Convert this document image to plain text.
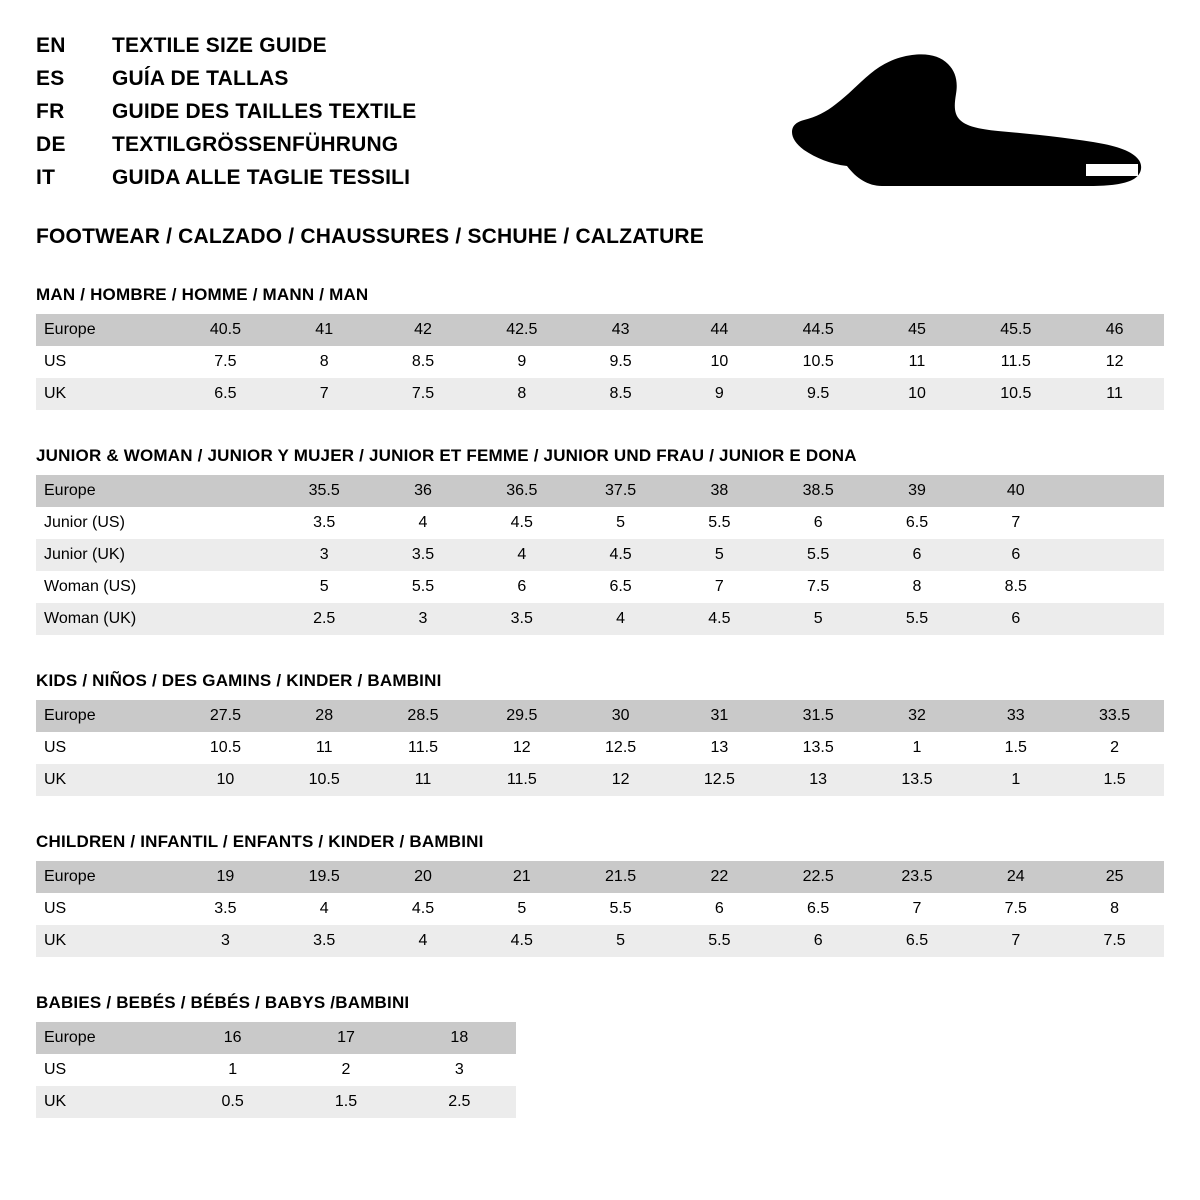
EN	TEXTILE SIZE GUIDE
ES	GUÍA DE TALLAS
FR	GUIDE DES TAILLES TEXTILE
DE	TEXTILGRÖSSENFÜHRUNG
IT	GUIDA ALLE TAGLIE TESSILI
FOOTWEAR / CALZADO / CHAUSSURES / SCHUHE / CALZATURE
MAN / HOMBRE / HOMME / MANN / MAN
Europe	40.5	41	42	42.5	43	44	44.5	45	45.5	46
US	7.5	8	8.5	9	9.5	10	10.5	11	11.5	12
UK	6.5	7	7.5	8	8.5	9	9.5	10	10.5	11
JUNIOR & WOMAN / JUNIOR Y MUJER / JUNIOR ET FEMME / JUNIOR UND FRAU / JUNIOR E DONA
Europe		35.5	36	36.5	37.5	38	38.5	39	40	
Junior (US)		3.5	4	4.5	5	5.5	6	6.5	7	
Junior (UK)		3	3.5	4	4.5	5	5.5	6	6	
Woman (US)		5	5.5	6	6.5	7	7.5	8	8.5	
Woman (UK)		2.5	3	3.5	4	4.5	5	5.5	6	
KIDS / NIÑOS / DES GAMINS / KINDER / BAMBINI
Europe	27.5	28	28.5	29.5	30	31	31.5	32	33	33.5
US	10.5	11	11.5	12	12.5	13	13.5	1	1.5	2
UK	10	10.5	11	11.5	12	12.5	13	13.5	1	1.5
CHILDREN / INFANTIL / ENFANTS / KINDER / BAMBINI
Europe	19	19.5	20	21	21.5	22	22.5	23.5	24	25
US	3.5	4	4.5	5	5.5	6	6.5	7	7.5	8
UK	3	3.5	4	4.5	5	5.5	6	6.5	7	7.5
BABIES / BEBÉS / BÉBÉS / BABYS /BAMBINI
Europe	16	17	18
US	1	2	3
UK	0.5	1.5	2.5
